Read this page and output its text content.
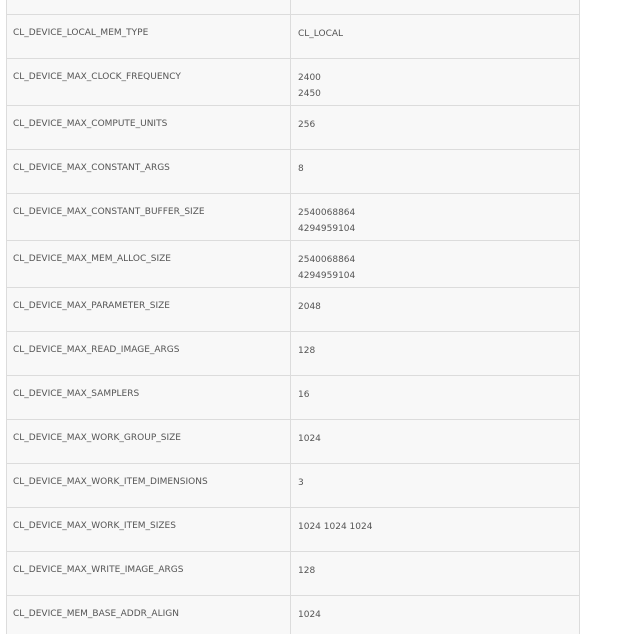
CL_DEVICE_LOCAL_MEM_TYPE	CL_LOCAL

CL_DEVICE_MAX_CLOCK_FREQUENCY	2400
2450

CL_DEVICE_MAX_COMPUTE_UNITS	256

CL_DEVICE_MAX_CONSTANT_ARGS	8

CL_DEVICE_MAX_CONSTANT_BUFFER_SIZE	2540068864
4294959104

CL_DEVICE_MAX_MEM_ALLOC_SIZE	2540068864
4294959104

CL_DEVICE_MAX_PARAMETER_SIZE	2048

CL_DEVICE_MAX_READ_IMAGE_ARGS	128

CL_DEVICE_MAX_SAMPLERS	16

CL_DEVICE_MAX_WORK_GROUP_SIZE	1024

CL_DEVICE_MAX_WORK_ITEM_DIMENSIONS	3

CL_DEVICE_MAX_WORK_ITEM_SIZES	1024 1024 1024

CL_DEVICE_MAX_WRITE_IMAGE_ARGS	128

CL_DEVICE_MEM_BASE_ADDR_ALIGN	1024
